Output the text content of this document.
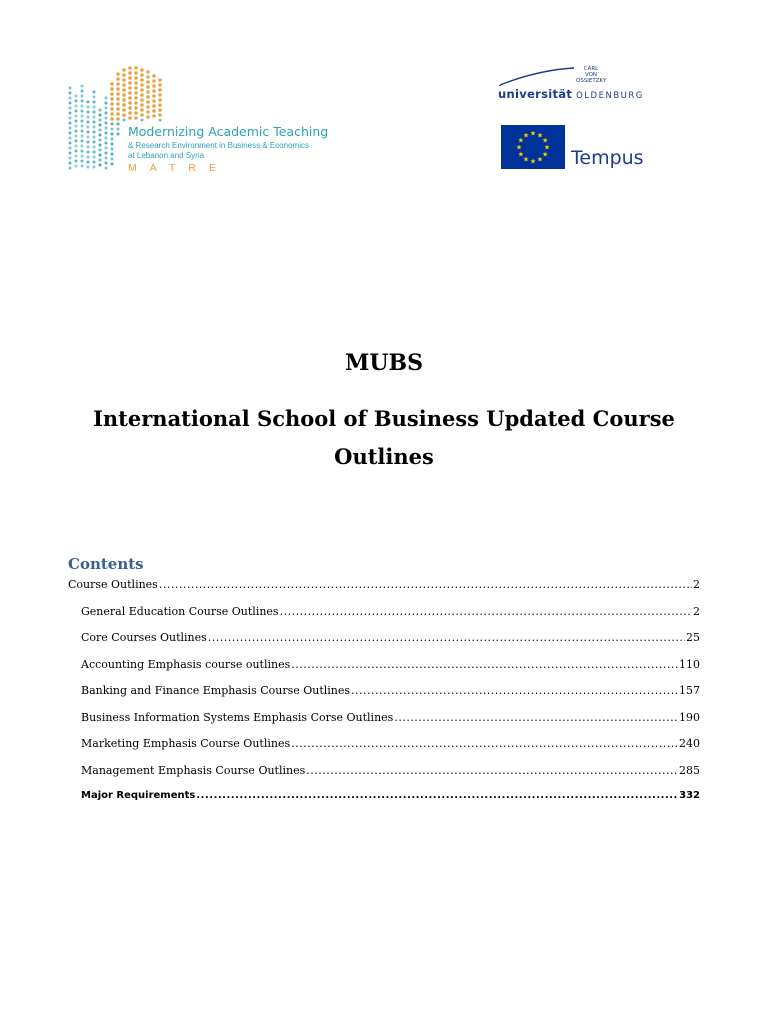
Modernizing Academic Teaching
& Research Environment in Business & Economics
at Lebanon and Syria
MATRE
CARL
VON
OSSIETZKY
universität OLDENBURG
★
★
★
★
★
★
★
★
★ ★ ★
★
Tempus
MUBS
International School of Business Updated Course
Outlines
Contents
Course Outlines .....	2
General Education Course Outlines .....	2
Core Courses Outlines .....	25
Accounting Emphasis course outlines .....	110
Banking and Finance Emphasis Course Outlines .....	157
Business Information Systems Emphasis Corse Outlines .....	190
Marketing Emphasis Course Outlines .....	240
Management Emphasis Course Outlines .....	285
Major Requirements .....	332
